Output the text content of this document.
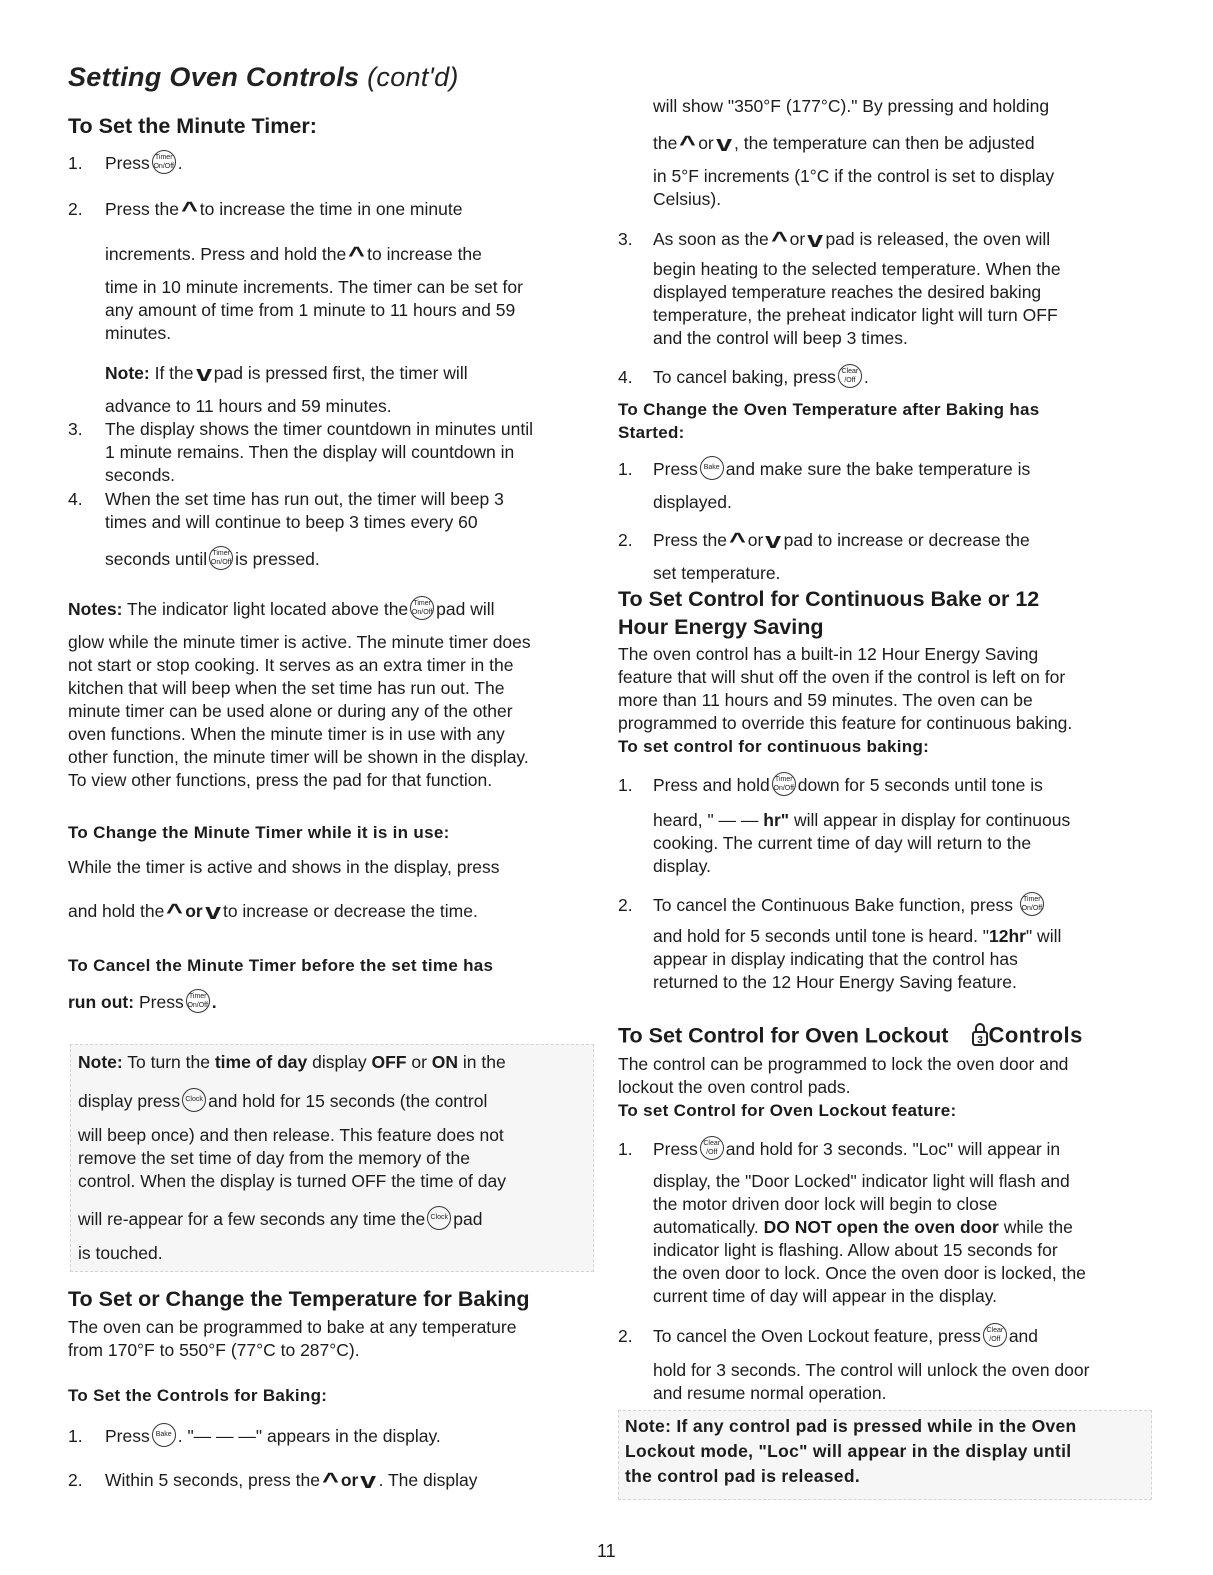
Setting Oven Controls (cont'd)
To Set the Minute Timer:
1. Press Timer
On/Off .
2. Press the^ to increase the time in one minute
increments. Press and hold the^ to increase the
time in 10 minute increments. The timer can be set for
any amount of time from 1 minute to 11 hours and 59
minutes.
Note: If thev pad is pressed first, the timer will
advance to 11 hours and 59 minutes.
3. The display shows the timer countdown in minutes until
1 minute remains. Then the display will countdown in
seconds.
4. When the set time has run out, the timer will beep 3
times and will continue to beep 3 times every 60
seconds until Timer
On/Off is pressed.
Notes: The indicator light located above the Timer
On/Off pad will
glow while the minute timer is active. The minute timer does
not start or stop cooking. It serves as an extra timer in the
kitchen that will beep when the set time has run out. The
minute timer can be used alone or during any of the other
oven functions. When the minute timer is in use with any
other function, the minute timer will be shown in the display.
To view other functions, press the pad for that function.
To Change the Minute Timer while it is in use:
While the timer is active and shows in the display, press
and hold the^ orv to increase or decrease the time.
To Cancel the Minute Timer before the set time has
run out: Press Timer
On/Off .
Note: To turn the time of day display OFF or ON in the
display press Clock and hold for 15 seconds (the control
will beep once) and then release. This feature does not
remove the set time of day from the memory of the
control. When the display is turned OFF the time of day
will re-appear for a few seconds any time the Clock pad
is touched.
To Set or Change the Temperature for Baking
The oven can be programmed to bake at any temperature
from 170°F to 550°F (77°C to 287°C).
To Set the Controls for Baking:
1. Press Bake . "— — —" appears in the display.
2. Within 5 seconds, press the^ orv . The display
will show "350°F (177°C)." By pressing and holding
the^ orv , the temperature can then be adjusted
in 5°F increments (1°C if the control is set to display
Celsius).
3. As soon as the^ orv pad is released, the oven will
begin heating to the selected temperature. When the
displayed temperature reaches the desired baking
temperature, the preheat indicator light will turn OFF
and the control will beep 3 times.
4. To cancel baking, press Clear
/Off .
To Change the Oven Temperature after Baking has
Started:
1. Press Bake and make sure the bake temperature is
displayed.
2. Press the^ orv pad to increase or decrease the
set temperature.
To Set Control for Continuous Bake or 12
Hour Energy Saving
The oven control has a built-in 12 Hour Energy Saving
feature that will shut off the oven if the control is left on for
more than 11 hours and 59 minutes. The oven can be
programmed to override this feature for continuous baking.
To set control for continuous baking:
1. Press and hold Timer
On/Off down for 5 seconds until tone is
heard, " — — hr" will appear in display for continuous
cooking. The current time of day will return to the
display.
2. To cancel the Continuous Bake function, press Timer
On/Off
and hold for 5 seconds until tone is heard. "12hr" will
appear in display indicating that the control has
returned to the 12 Hour Energy Saving feature.
To Set Control for Oven Lockout	3 Controls
The control can be programmed to lock the oven door and
lockout the oven control pads.
To set Control for Oven Lockout feature:
1. Press Clear
/Off and hold for 3 seconds. "Loc" will appear in
display, the "Door Locked" indicator light will flash and
the motor driven door lock will begin to close
automatically. DO NOT open the oven door while the
indicator light is flashing. Allow about 15 seconds for
the oven door to lock. Once the oven door is locked, the
current time of day will appear in the display.
2. To cancel the Oven Lockout feature, press Clear
/Off and
hold for 3 seconds. The control will unlock the oven door
and resume normal operation.
Note: If any control pad is pressed while in the Oven
Lockout mode, "Loc" will appear in the display until
the control pad is released.
11
